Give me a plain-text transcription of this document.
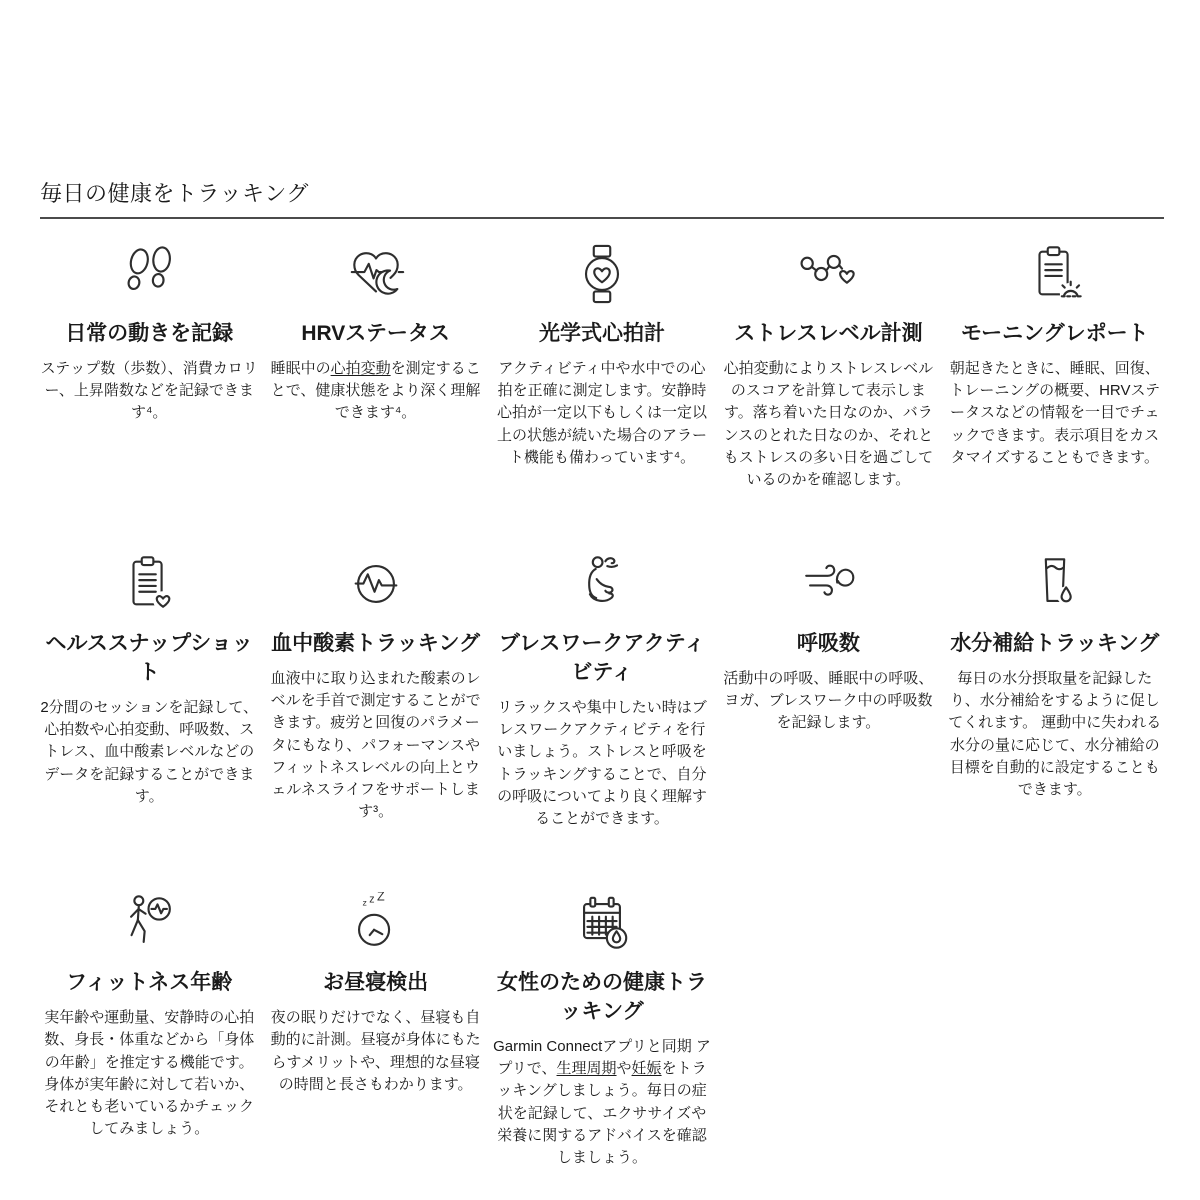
毎日の健康をトラッキング
日常の動きを記録

ステップ数（歩数）、消費カロリー、上昇階数などを記録できます⁴。

HRVステータス

睡眠中の心拍変動を測定することで、健康状態をより深く理解できます⁴。

光学式心拍計

アクティビティ中や水中での心拍を正確に測定します。安静時心拍が一定以下もしくは一定以上の状態が続いた場合のアラート機能も備わっています⁴。

ストレスレベル計測

心拍変動によりストレスレベルのスコアを計算して表示します。落ち着いた日なのか、バランスのとれた日なのか、それともストレスの多い日を過ごしているのかを確認します。

モーニングレポート

朝起きたときに、睡眠、回復、トレーニングの概要、HRVステータスなどの情報を一目でチェックできます。表示項目をカスタマイズすることもできます。

ヘルススナップショット

2分間のセッションを記録して、心拍数や心拍変動、呼吸数、ストレス、血中酸素レベルなどのデータを記録することができます。

血中酸素トラッキング

血液中に取り込まれた酸素のレベルを手首で測定することができます。疲労と回復のパラメータにもなり、パフォーマンスやフィットネスレベルの向上とウェルネスライフをサポートします³。

ブレスワークアクティビティ

リラックスや集中したい時はブレスワークアクティビティを行いましょう。ストレスと呼吸をトラッキングすることで、自分の呼吸についてより良く理解することができます。

呼吸数

活動中の呼吸、睡眠中の呼吸、ヨガ、ブレスワーク中の呼吸数を記録します。

水分補給トラッキング

毎日の水分摂取量を記録したり、水分補給をするように促してくれます。 運動中に失われる水分の量に応じて、水分補給の目標を自動的に設定することもできます。

フィットネス年齢

実年齢や運動量、安静時の心拍数、身長・体重などから「身体の年齢」を推定する機能です。身体が実年齢に対して若いか、それとも老いているかチェックしてみましょう。

お昼寝検出

夜の眠りだけでなく、昼寝も自動的に計測。昼寝が身体にもたらすメリットや、理想的な昼寝の時間と長さもわかります。

女性のための健康トラッキング

Garmin Connectアプリと同期 アプリで、生理周期や妊娠をトラッキングしましょう。毎日の症状を記録して、エクササイズや栄養に関するアドバイスを確認しましょう。
